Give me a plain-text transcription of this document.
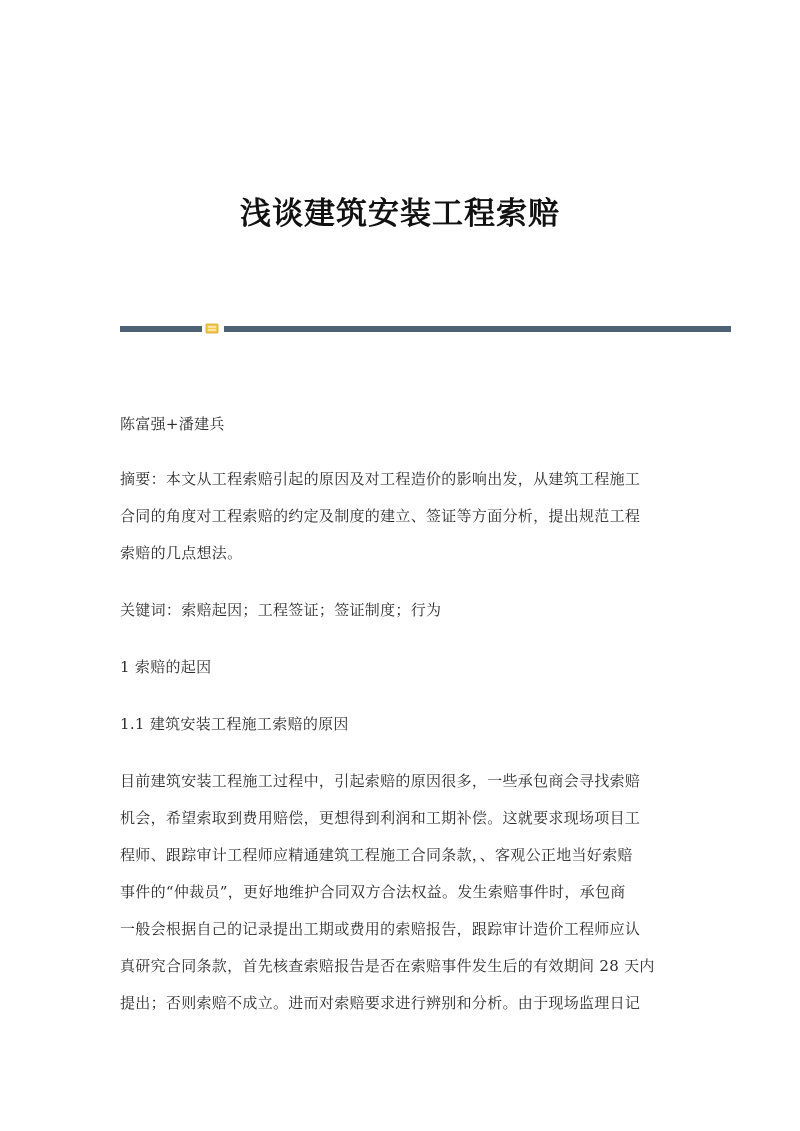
浅谈建筑安装工程索赔

陈富强+潘建兵

摘要：本文从工程索赔引起的原因及对工程造价的影响出发，从建筑工程施工
合同的角度对工程索赔的约定及制度的建立、签证等方面分析，提出规范工程
索赔的几点想法。

关键词：索赔起因；工程签证；签证制度；行为

1 索赔的起因

1.1 建筑安装工程施工索赔的原因

目前建筑安装工程施工过程中，引起索赔的原因很多，一些承包商会寻找索赔
机会，希望索取到费用赔偿，更想得到利润和工期补偿。这就要求现场项目工
程师、跟踪审计工程师应精通建筑工程施工合同条款，、客观公正地当好索赔
事件的“仲裁员”，更好地维护合同双方合法权益。发生索赔事件时，承包商
一般会根据自己的记录提出工期或费用的索赔报告，跟踪审计造价工程师应认
真研究合同条款，首先核查索赔报告是否在索赔事件发生后的有效期间 28 天内
提出；否则索赔不成立。进而对索赔要求进行辨别和分析。由于现场监理日记
